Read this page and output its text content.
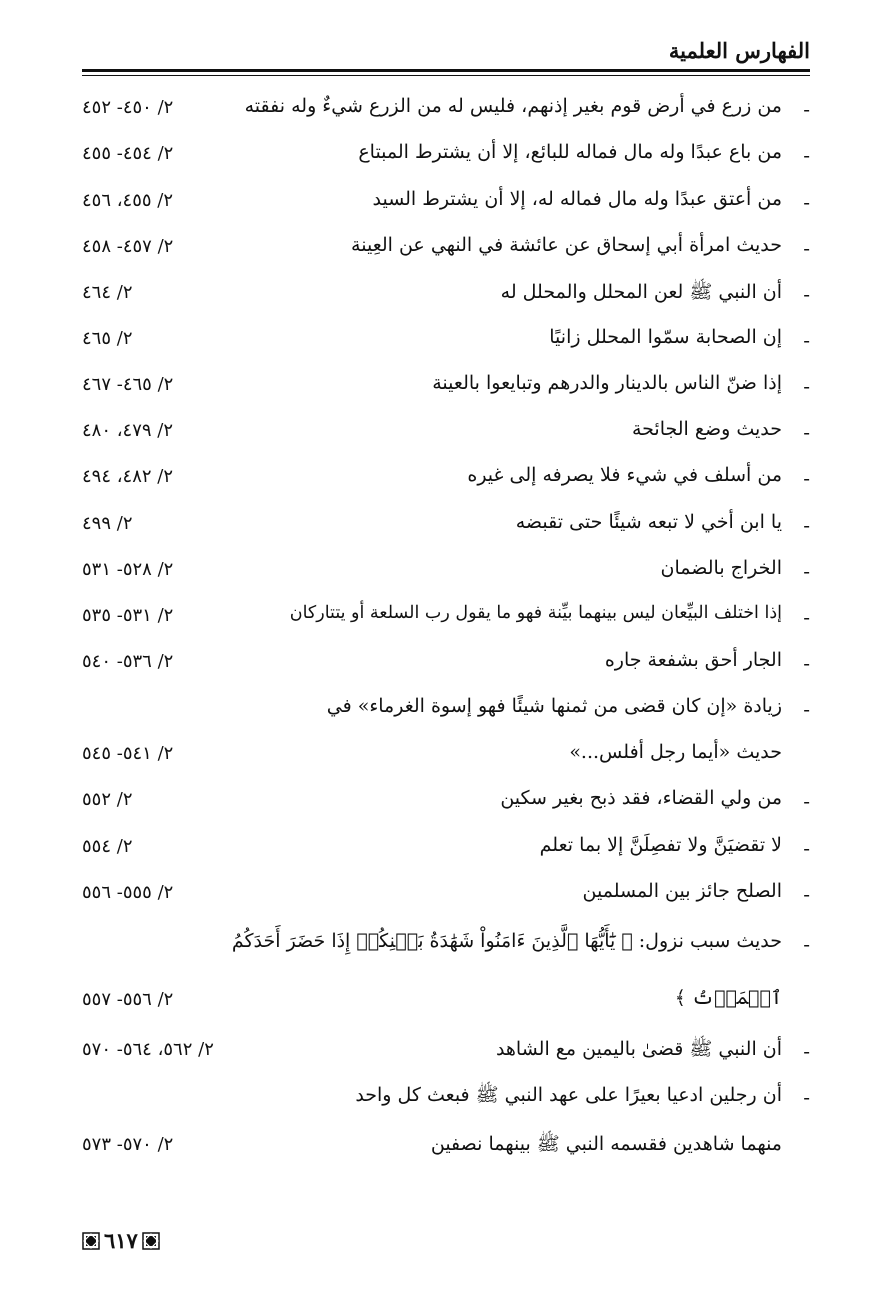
الفهارس العلمية
-
من زرع في أرض قوم بغير إذنهم، فليس له من الزرع شيءٌ وله نفقته
٢/ ٤٥٠- ٤٥٢
-
من باع عبدًا وله مال فماله للبائع، إلا أن يشترط المبتاع
٢/ ٤٥٤- ٤٥٥
-
من أعتق عبدًا وله مال فماله له، إلا أن يشترط السيد
٢/ ٤٥٥، ٤٥٦
-
حديث امرأة أبي إسحاق عن عائشة في النهي عن العِينة
٢/ ٤٥٧- ٤٥٨
-
أن النبي ﷺ لعن المحلل والمحلل له
٢/ ٤٦٤
-
إن الصحابة سمّوا المحلل زانيًا
٢/ ٤٦٥
-
إذا ضنّ الناس بالدينار والدرهم وتبايعوا بالعينة
٢/ ٤٦٥- ٤٦٧
-
حديث وضع الجائحة
٢/ ٤٧٩، ٤٨٠
-
من أسلف في شيء فلا يصرفه إلى غيره
٢/ ٤٨٢، ٤٩٤
-
يا ابن أخي لا تبعه شيئًا حتى تقبضه
٢/ ٤٩٩
-
الخراج بالضمان
٢/ ٥٢٨- ٥٣١
-
إذا اختلف البيِّعان ليس بينهما بيِّنة فهو ما يقول رب السلعة أو يتتاركان
٢/ ٥٣١- ٥٣٥
-
الجار أحق بشفعة جاره
٢/ ٥٣٦- ٥٤٠
-
زيادة «إن كان قضى من ثمنها شيئًا فهو إسوة الغرماء» في
حديث «أيما رجل أفلس...»
٢/ ٥٤١- ٥٤٥
-
من ولي القضاء، فقد ذبح بغير سكين
٢/ ٥٥٢
-
لا تقضيَنَّ ولا تفصِلَنَّ إلا بما تعلم
٢/ ٥٥٤
-
الصلح جائز بين المسلمين
٢/ ٥٥٥- ٥٥٦
-
حديث سبب نزول: ﴿ يَٰٓأَيُّهَا ٱلَّذِينَ ءَامَنُواْ شَهَٰدَةُ بَيۡنِكُمۡ إِذَا حَضَرَ أَحَدَكُمُ
ٱلۡمَوۡتُ ﴾
٢/ ٥٥٦- ٥٥٧
-
أن النبي ﷺ قضىٰ باليمين مع الشاهد
٢/ ٥٦٢، ٥٦٤- ٥٧٠
-
أن رجلين ادعيا بعيرًا على عهد النبي ﷺ فبعث كل واحد
منهما شاهدين فقسمه النبي ﷺ بينهما نصفين
٢/ ٥٧٠- ٥٧٣
٦١٧
